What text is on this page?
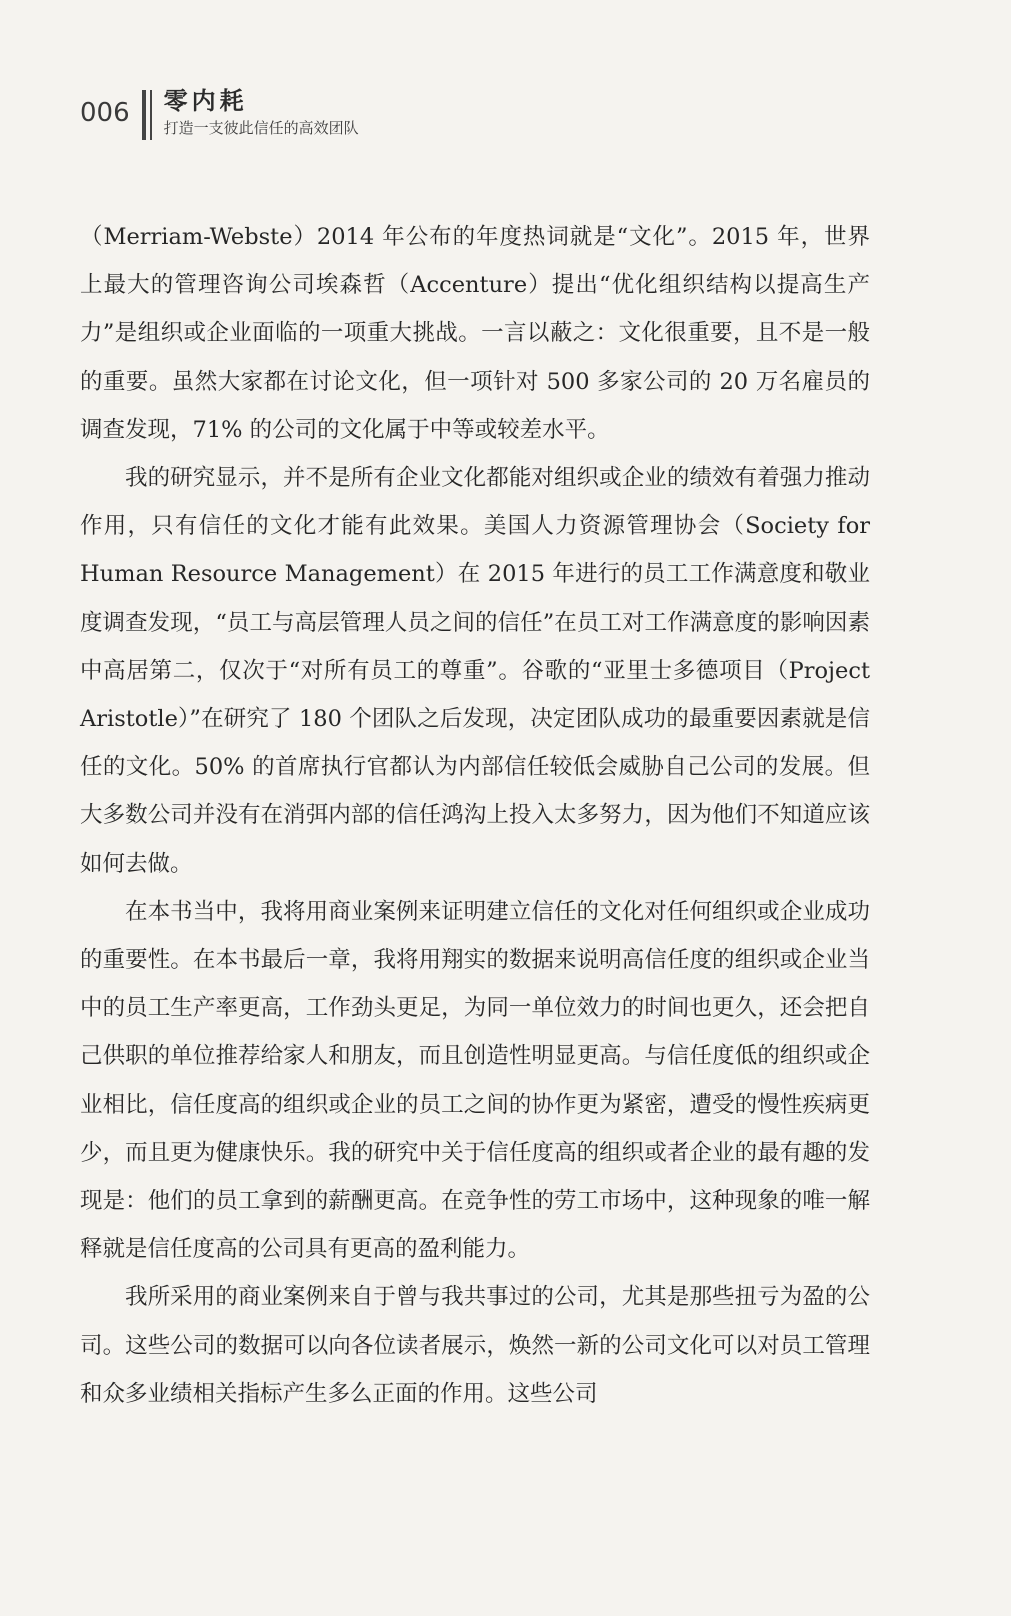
006 零内耗
打造一支彼此信任的高效团队

（Merriam-Webste）2014 年公布的年度热词就是“文化”。2015 年，世界上最大的管理咨询公司埃森哲（Accenture）提出“优化组织结构以提高生产力”是组织或企业面临的一项重大挑战。一言以蔽之：文化很重要，且不是一般的重要。虽然大家都在讨论文化，但一项针对 500 多家公司的 20 万名雇员的调查发现，71% 的公司的文化属于中等或较差水平。

我的研究显示，并不是所有企业文化都能对组织或企业的绩效有着强力推动作用，只有信任的文化才能有此效果。美国人力资源管理协会（Society for Human Resource Management）在 2015 年进行的员工工作满意度和敬业度调查发现，“员工与高层管理人员之间的信任”在员工对工作满意度的影响因素中高居第二，仅次于“对所有员工的尊重”。谷歌的“亚里士多德项目（Project Aristotle）”在研究了 180 个团队之后发现，决定团队成功的最重要因素就是信任的文化。50% 的首席执行官都认为内部信任较低会威胁自己公司的发展。但大多数公司并没有在消弭内部的信任鸿沟上投入太多努力，因为他们不知道应该如何去做。

在本书当中，我将用商业案例来证明建立信任的文化对任何组织或企业成功的重要性。在本书最后一章，我将用翔实的数据来说明高信任度的组织或企业当中的员工生产率更高，工作劲头更足，为同一单位效力的时间也更久，还会把自己供职的单位推荐给家人和朋友，而且创造性明显更高。与信任度低的组织或企业相比，信任度高的组织或企业的员工之间的协作更为紧密，遭受的慢性疾病更少，而且更为健康快乐。我的研究中关于信任度高的组织或者企业的最有趣的发现是：他们的员工拿到的薪酬更高。在竞争性的劳工市场中，这种现象的唯一解释就是信任度高的公司具有更高的盈利能力。

我所采用的商业案例来自于曾与我共事过的公司，尤其是那些扭亏为盈的公司。这些公司的数据可以向各位读者展示，焕然一新的公司文化可以对员工管理和众多业绩相关指标产生多么正面的作用。这些公司
